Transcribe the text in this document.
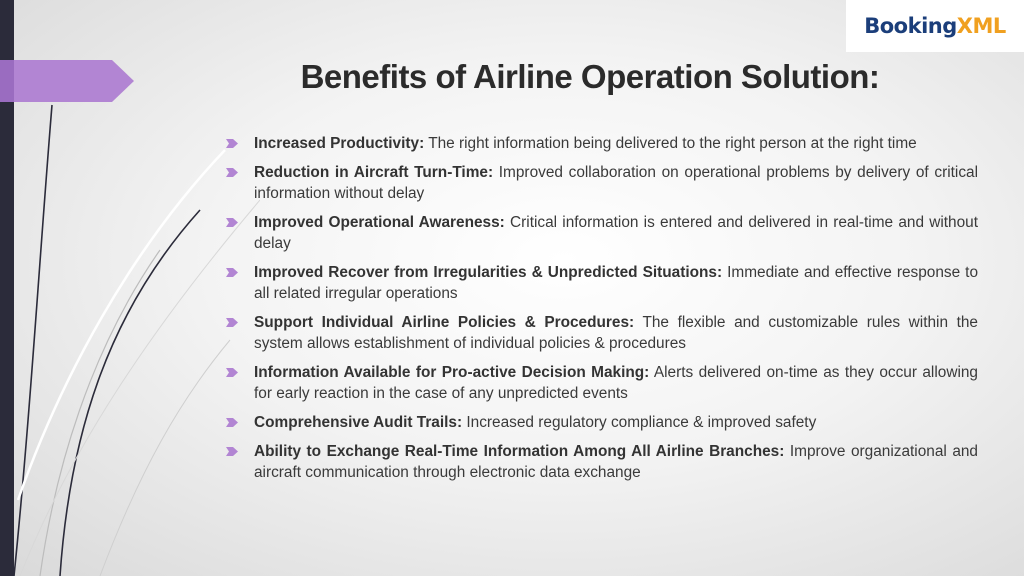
BookingXML
Benefits of Airline Operation Solution:
Increased Productivity: The right information being delivered to the right person at the right time
Reduction in Aircraft Turn-Time: Improved collaboration on operational problems by delivery of critical information without delay
Improved Operational Awareness: Critical information is entered and delivered in real-time and without delay
Improved Recover from Irregularities & Unpredicted Situations: Immediate and effective response to all related irregular operations
Support Individual Airline Policies & Procedures: The flexible and customizable rules within the system allows establishment of individual policies & procedures
Information Available for Pro-active Decision Making: Alerts delivered on-time as they occur allowing for early reaction in the case of any unpredicted events
Comprehensive Audit Trails: Increased regulatory compliance & improved safety
Ability to Exchange Real-Time Information Among All Airline Branches: Improve organizational and aircraft communication through electronic data exchange
